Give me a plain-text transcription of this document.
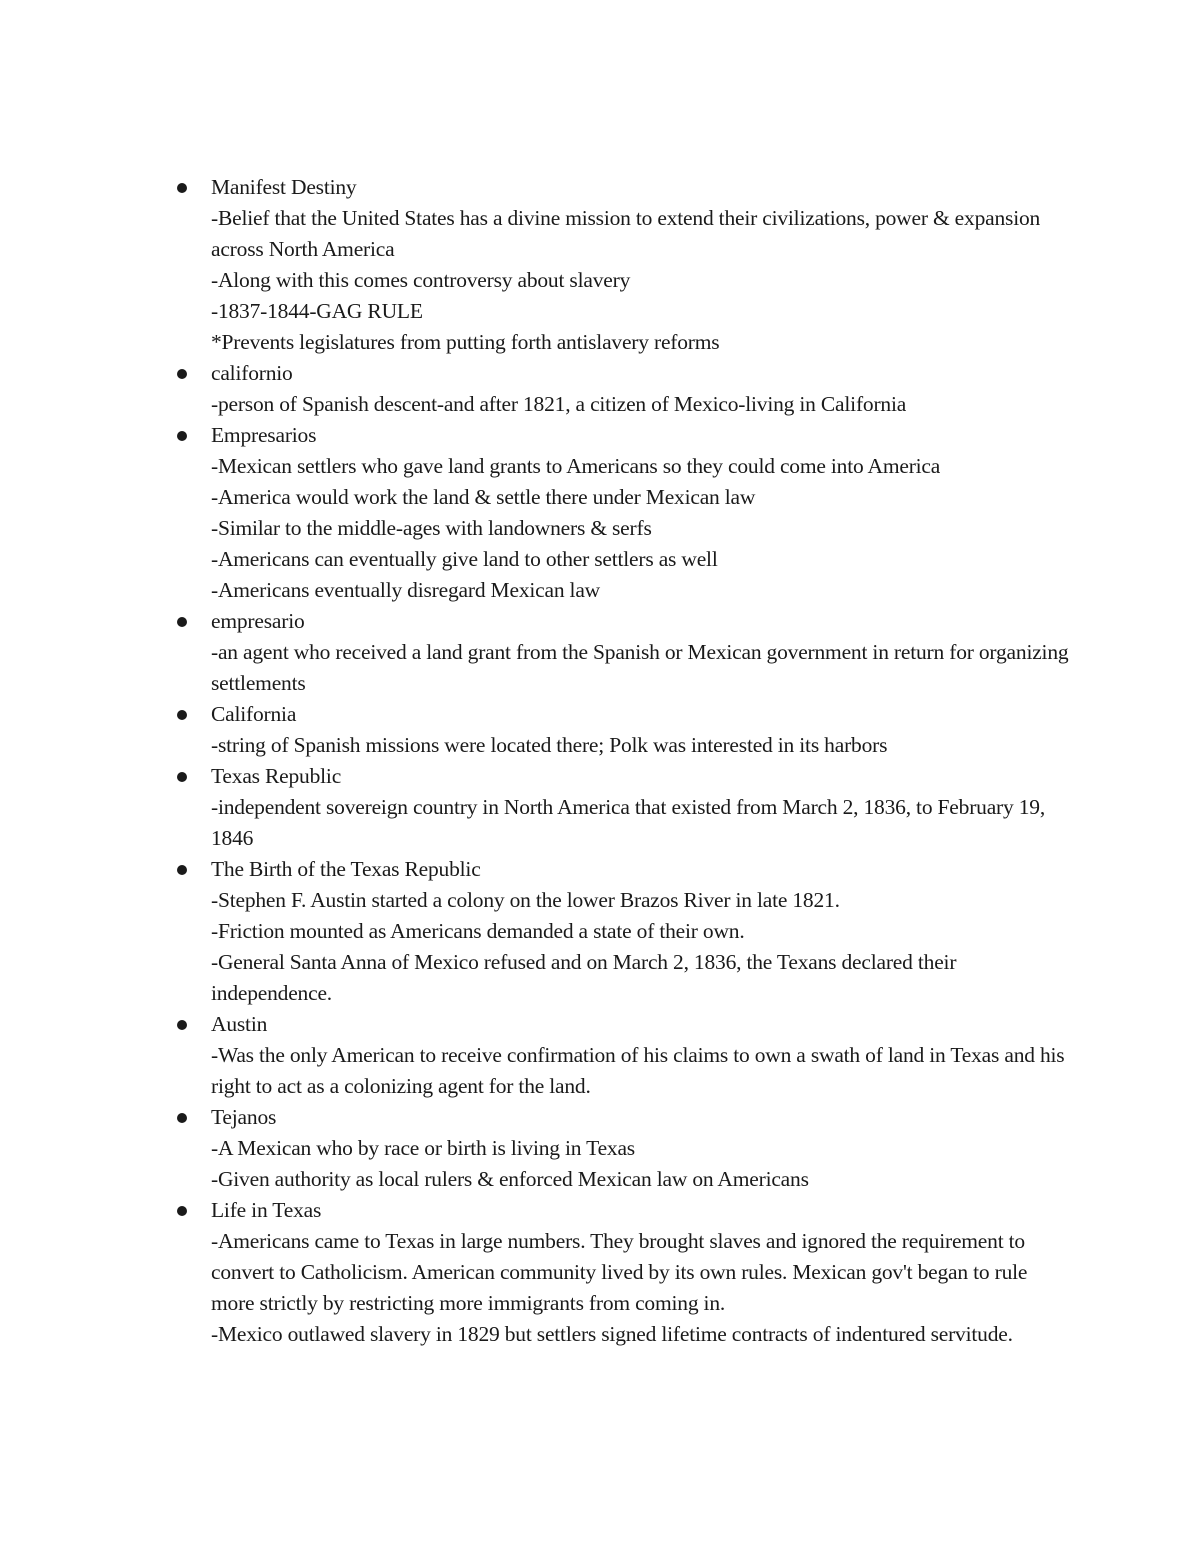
Manifest Destiny
-Belief that the United States has a divine mission to extend their civilizations, power & expansion across North America
-Along with this comes controversy about slavery
-1837-1844-GAG RULE
*Prevents legislatures from putting forth antislavery reforms
californio
-person of Spanish descent-and after 1821, a citizen of Mexico-living in California
Empresarios
-Mexican settlers who gave land grants to Americans so they could come into America
-America would work the land & settle there under Mexican law
-Similar to the middle-ages with landowners & serfs
-Americans can eventually give land to other settlers as well
-Americans eventually disregard Mexican law
empresario
-an agent who received a land grant from the Spanish or Mexican government in return for organizing settlements
California
-string of Spanish missions were located there; Polk was interested in its harbors
Texas Republic
-independent sovereign country in North America that existed from March 2, 1836, to February 19, 1846
The Birth of the Texas Republic
-Stephen F. Austin started a colony on the lower Brazos River in late 1821.
-Friction mounted as Americans demanded a state of their own.
-General Santa Anna of Mexico refused and on March 2, 1836, the Texans declared their independence.
Austin
-Was the only American to receive confirmation of his claims to own a swath of land in Texas and his right to act as a colonizing agent for the land.
Tejanos
-A Mexican who by race or birth is living in Texas
-Given authority as local rulers & enforced Mexican law on Americans
Life in Texas
-Americans came to Texas in large numbers. They brought slaves and ignored the requirement to convert to Catholicism. American community lived by its own rules. Mexican gov't began to rule more strictly by restricting more immigrants from coming in.
-Mexico outlawed slavery in 1829 but settlers signed lifetime contracts of indentured servitude.
